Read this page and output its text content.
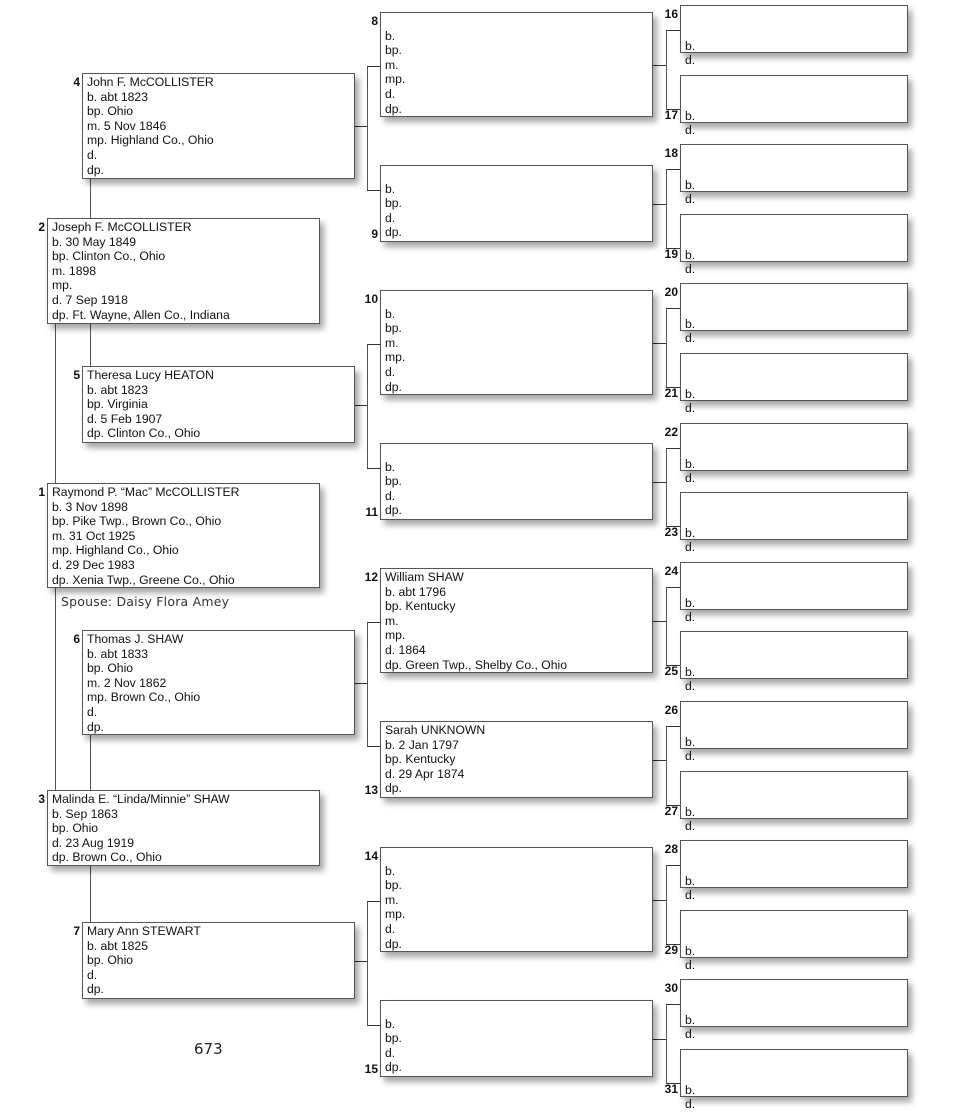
Raymond P. “Mac” McCOLLISTER
b. 3 Nov 1898
bp. Pike Twp., Brown Co., Ohio
m. 31 Oct 1925
mp. Highland Co., Ohio
d. 29 Dec 1983
dp. Xenia Twp., Greene Co., Ohio
1
Joseph F. McCOLLISTER
b. 30 May 1849
bp. Clinton Co., Ohio
m. 1898
mp.
d. 7 Sep 1918
dp. Ft. Wayne, Allen Co., Indiana
2
Malinda E. “Linda/Minnie” SHAW
b. Sep 1863
bp. Ohio
d. 23 Aug 1919
dp. Brown Co., Ohio
3
John F. McCOLLISTER
b. abt 1823
bp. Ohio
m. 5 Nov 1846
mp. Highland Co., Ohio
d.
dp.
4
Theresa Lucy HEATON
b. abt 1823
bp. Virginia
d. 5 Feb 1907
dp. Clinton Co., Ohio
5
Thomas J. SHAW
b. abt 1833
bp. Ohio
m. 2 Nov 1862
mp. Brown Co., Ohio
d.
dp.
6
Mary Ann STEWART
b. abt 1825
bp. Ohio
d.
dp.
7

b.
bp.
m.
mp.
d.
dp.
8

b.
bp.
d.
dp.
9

b.
bp.
m.
mp.
d.
dp.
10

b.
bp.
d.
dp.
11
William SHAW
b. abt 1796
bp. Kentucky
m.
mp.
d. 1864
dp. Green Twp., Shelby Co., Ohio
12
Sarah UNKNOWN
b. 2 Jan 1797
bp. Kentucky
d. 29 Apr 1874
dp.
13

b.
bp.
m.
mp.
d.
dp.
14

b.
bp.
d.
dp.
15

b.
d.
16

b.
d.
17

b.
d.
18

b.
d.
19

b.
d.
20

b.
d.
21

b.
d.
22

b.
d.
23

b.
d.
24

b.
d.
25

b.
d.
26

b.
d.
27

b.
d.
28

b.
d.
29

b.
d.
30

b.
d.
31
Spouse: Daisy Flora Amey
673
